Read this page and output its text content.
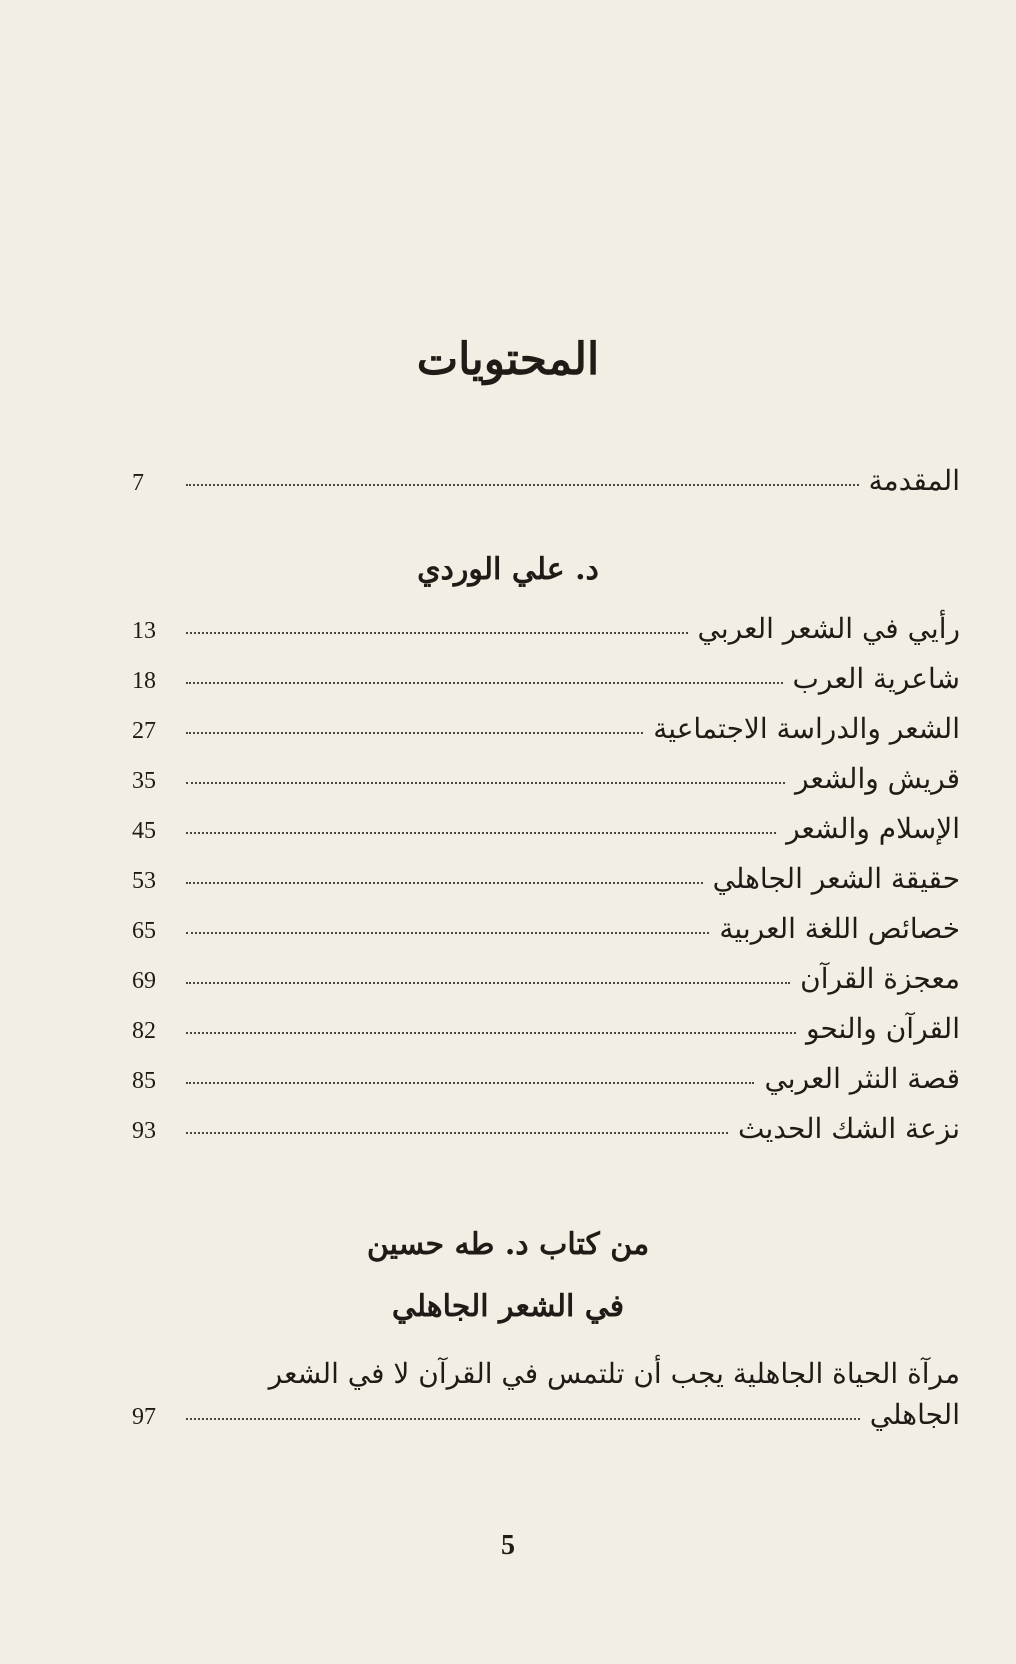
المحتويات
7	المقدمة
د. علي الوردي
13	رأيي في الشعر العربي
18	شاعرية العرب
27	الشعر والدراسة الاجتماعية
35	قريش والشعر
45	الإسلام والشعر
53	حقيقة الشعر الجاهلي
65	خصائص اللغة العربية
69	معجزة القرآن
82	القرآن والنحو
85	قصة النثر العربي
93	نزعة الشك الحديث
من كتاب د. طه حسين
في الشعر الجاهلي
مرآة الحياة الجاهلية يجب أن تلتمس في القرآن لا في الشعر
97	الجاهلي
5
